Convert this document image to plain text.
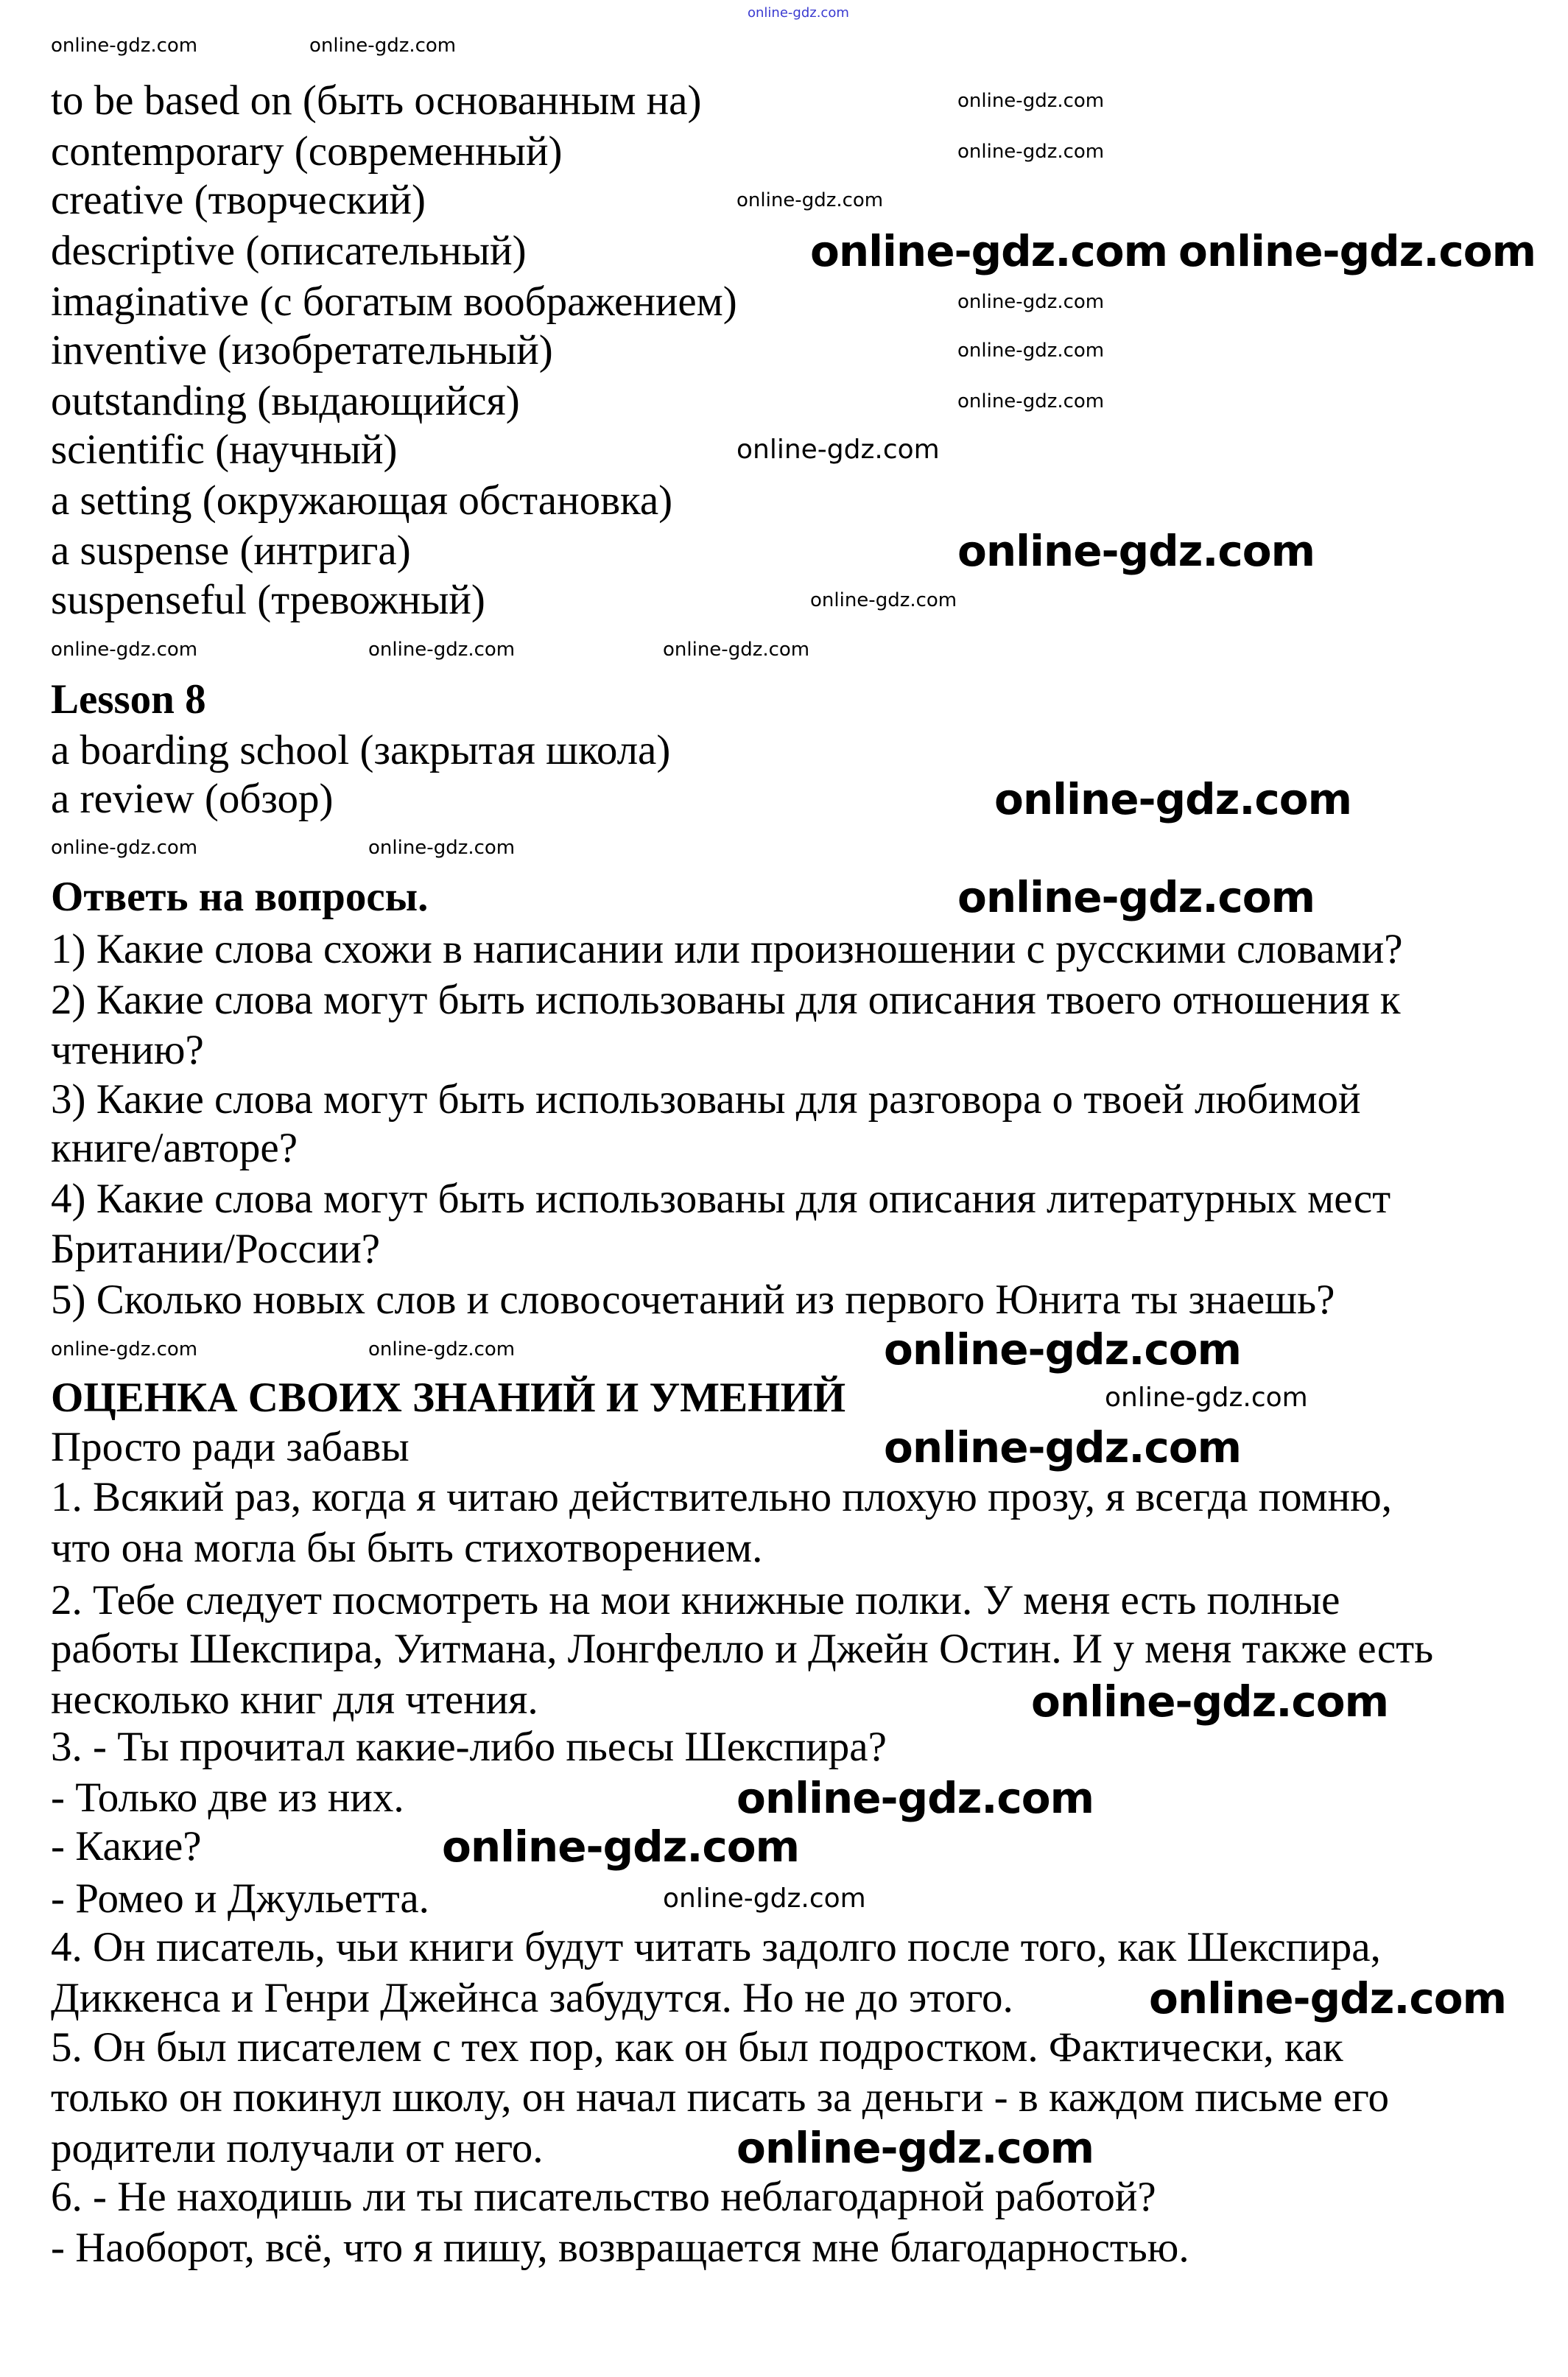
to be based on (быть основанным на)
contemporary (современный)
creative (творческий)
descriptive (описательный)
imaginative (с богатым воображением)
inventive (изобретательный)
outstanding (выдающийся)
scientific (научный)
a setting (окружающая обстановка)
a suspense (интрига)
suspenseful (тревожный)
Lesson 8
a boarding school (закрытая школа)
a review (обзор)
Ответь на вопросы.
1) Какие слова схожи в написании или произношении с русскими словами?
2) Какие слова могут быть использованы для описания твоего отношения к
чтению?
3) Какие слова могут быть использованы для разговора о твоей любимой
книге/авторе?
4) Какие слова могут быть использованы для описания литературных мест
Британии/России?
5) Сколько новых слов и словосочетаний из первого Юнита ты знаешь?
ОЦЕНКА СВОИХ ЗНАНИЙ И УМЕНИЙ
Просто ради забавы
1. Всякий раз, когда я читаю действительно плохую прозу, я всегда помню,
что она могла бы быть стихотворением.
2. Тебе следует посмотреть на мои книжные полки. У меня есть полные
работы Шекспира, Уитмана, Лонгфелло и Джейн Остин. И у меня также есть
несколько книг для чтения.
3. - Ты прочитал какие-либо пьесы Шекспира?
- Только две из них.
- Какие?
- Ромео и Джульетта.
4. Он писатель, чьи книги будут читать задолго после того, как Шекспира,
Диккенса и Генри Джейнса забудутся. Но не до этого.
5. Он был писателем с тех пор, как он был подростком. Фактически, как
только он покинул школу, он начал писать за деньги - в каждом письме его
родители получали от него.
6. - Не находишь ли ты писательство неблагодарной работой?
- Наоборот, всё, что я пишу, возвращается мне благодарностью.
online-gdz.com
online-gdz.com	online-gdz.com
online-gdz.com
online-gdz.com
online-gdz.com
online-gdz.com
online-gdz.com
online-gdz.com
online-gdz.com
online-gdz.com	online-gdz.com	online-gdz.com
online-gdz.com	online-gdz.com
online-gdz.com	online-gdz.com
online-gdz.com
online-gdz.com
online-gdz.com
online-gdz.com online-gdz.com
online-gdz.com
online-gdz.com
online-gdz.com
online-gdz.com
online-gdz.com
online-gdz.com
online-gdz.com
online-gdz.com
online-gdz.com
online-gdz.com
